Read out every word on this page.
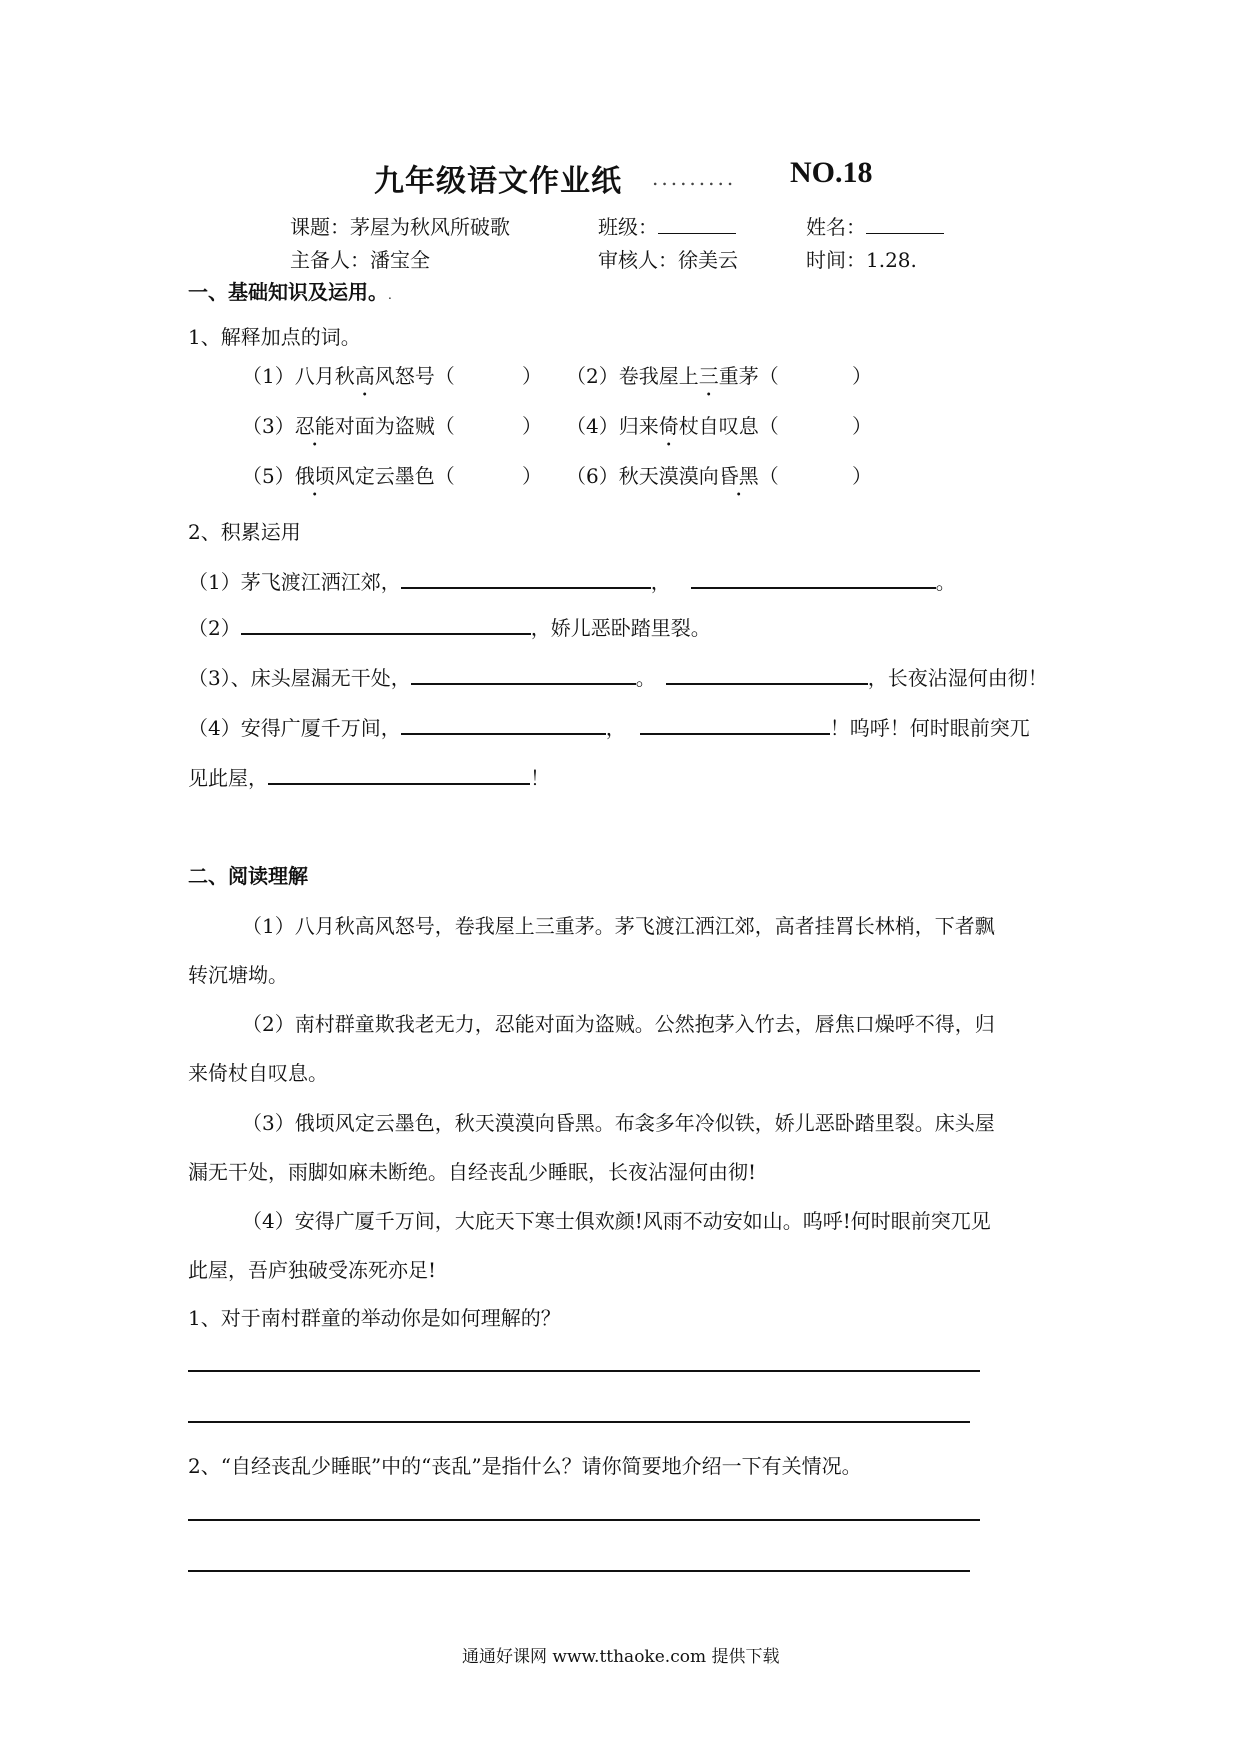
九年级语文作业纸 ......... NO.18
课题：茅屋为秋风所破歌	班级：	姓名：
主备人：潘宝全	审核人：徐美云	时间：1.28.
一、基础知识及运用。.
1、解释加点的词。
（1）八月秋高风怒号（	） （2）卷我屋上三重茅（	）
（3）忍能对面为盗贼（	） （4）归来倚杖自叹息（	）
（5）俄顷风定云墨色（	） （6）秋天漠漠向昏黑（	）
2、积累运用
（1）茅飞渡江洒江郊，	，	。
（2）	，娇儿恶卧踏里裂。
（3）、床头屋漏无干处，	。	，长夜沾湿何由彻！
（4）安得广厦千万间，	，	！呜呼！何时眼前突兀
见此屋，	！
二、阅读理解
（1）八月秋高风怒号，卷我屋上三重茅。茅飞渡江洒江郊，高者挂罥长林梢，下者飘
转沉塘坳。
（2）南村群童欺我老无力，忍能对面为盗贼。公然抱茅入竹去，唇焦口燥呼不得，归
来倚杖自叹息。
（3）俄顷风定云墨色，秋天漠漠向昏黑。布衾多年冷似铁，娇儿恶卧踏里裂。床头屋
漏无干处，雨脚如麻未断绝。自经丧乱少睡眠，长夜沾湿何由彻!
（4）安得广厦千万间，大庇天下寒士俱欢颜!风雨不动安如山。呜呼!何时眼前突兀见
此屋，吾庐独破受冻死亦足!
1、对于南村群童的举动你是如何理解的？
2、“自经丧乱少睡眠”中的“丧乱”是指什么？请你简要地介绍一下有关情况。
通通好课网 www.tthaoke.com 提供下载
